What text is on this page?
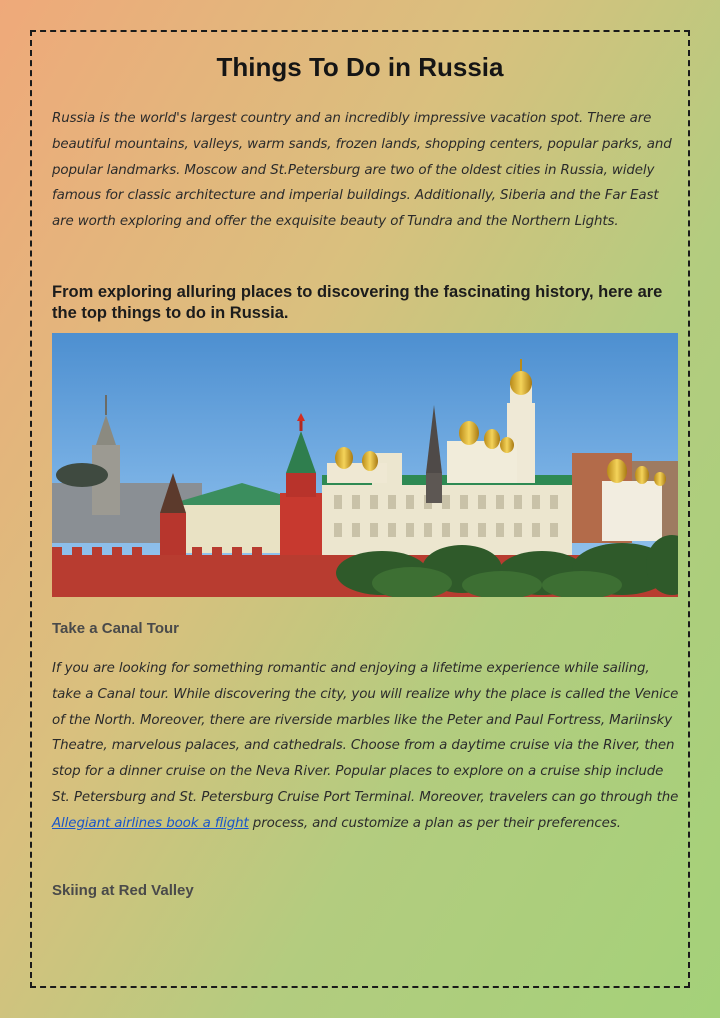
Things To Do in Russia

Russia is the world's largest country and an incredibly impressive vacation spot. There are beautiful mountains, valleys, warm sands, frozen lands, shopping centers, popular parks, and popular landmarks. Moscow and St.Petersburg are two of the oldest cities in Russia, widely famous for classic architecture and imperial buildings. Additionally, Siberia and the Far East are worth exploring and offer the exquisite beauty of Tundra and the Northern Lights.

From exploring alluring places to discovering the fascinating history, here are the top things to do in Russia.

Take a Canal Tour

If you are looking for something romantic and enjoying a lifetime experience while sailing, take a Canal tour. While discovering the city, you will realize why the place is called the Venice of the North. Moreover, there are riverside marbles like the Peter and Paul Fortress, Mariinsky Theatre, marvelous palaces, and cathedrals. Choose from a daytime cruise via the River, then stop for a dinner cruise on the Neva River. Popular places to explore on a cruise ship include St. Petersburg and St. Petersburg Cruise Port Terminal. Moreover, travelers can go through the Allegiant airlines book a flight process, and customize a plan as per their preferences.

Skiing at Red Valley
